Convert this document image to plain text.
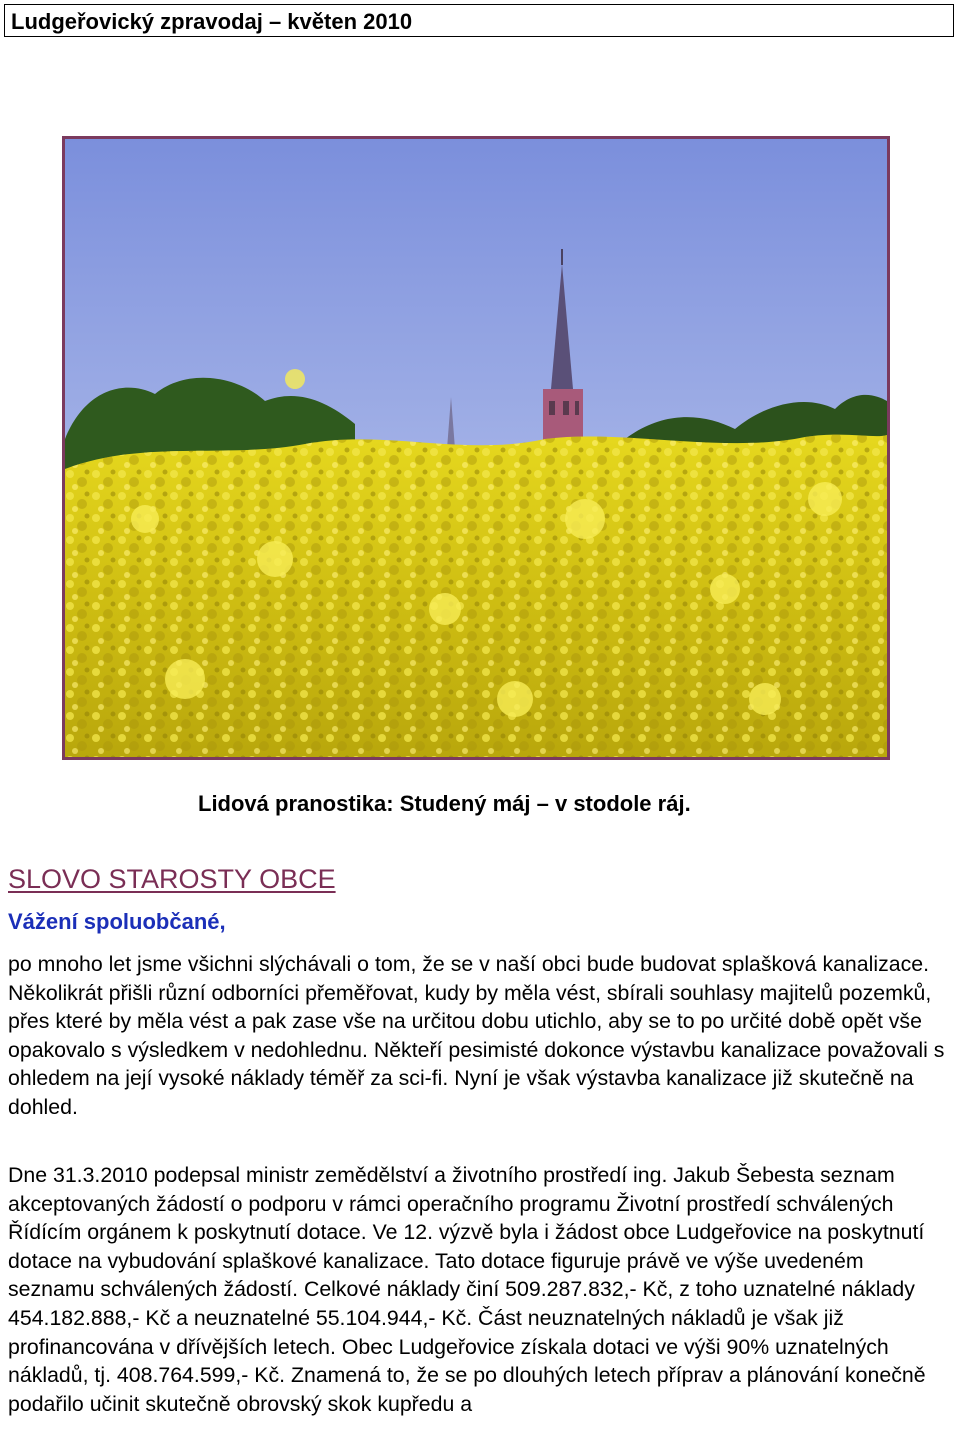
Ludgeřovický zpravodaj – květen 2010
Lidová pranostika: Studený máj – v stodole ráj.
SLOVO STAROSTY OBCE
Vážení spoluobčané,

po mnoho let jsme všichni slýchávali o tom, že se v naší obci bude budovat splašková kanalizace. Několikrát přišli různí odborníci přeměřovat, kudy by měla vést, sbírali souhlasy majitelů pozemků, přes které by měla vést a pak zase vše na určitou dobu utichlo, aby se to po určité době opět vše opakovalo s výsledkem v nedohlednu. Někteří pesimisté dokonce výstavbu kanalizace považovali s ohledem na její vysoké náklady téměř za sci-fi. Nyní je však výstavba kanalizace již skutečně na dohled.

Dne 31.3.2010 podepsal ministr zemědělství a životního prostředí ing. Jakub Šebesta seznam akceptovaných žádostí o podporu v rámci operačního programu Životní prostředí schválených Řídícím orgánem k poskytnutí dotace. Ve 12. výzvě byla i žádost obce Ludgeřovice na poskytnutí dotace na vybudování splaškové kanalizace. Tato dotace figuruje právě ve výše uvedeném seznamu schválených žádostí. Celkové náklady činí 509.287.832,- Kč, z toho uznatelné náklady 454.182.888,- Kč a neuznatelné 55.104.944,- Kč. Část neuznatelných nákladů je však již profinancována v dřívějších letech. Obec Ludgeřovice získala dotaci ve výši 90% uznatelných nákladů, tj. 408.764.599,- Kč. Znamená to, že se po dlouhých letech příprav a plánování konečně podařilo učinit skutečně obrovský skok kupředu a
